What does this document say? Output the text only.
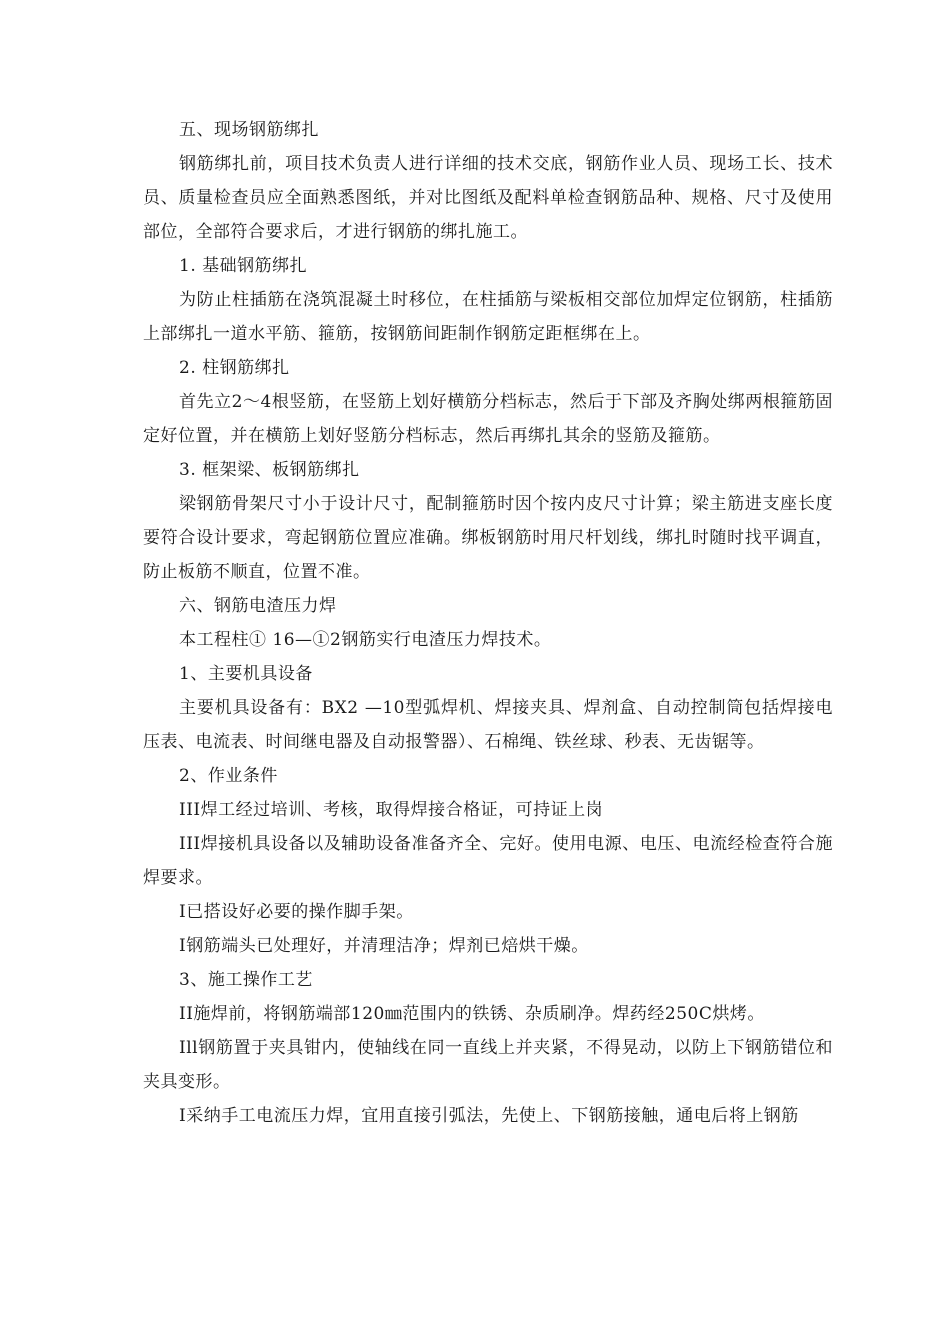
五、现场钢筋绑扎

钢筋绑扎前，项目技术负责人进行详细的技术交底，钢筋作业人员、现场工长、技术员、质量检查员应全面熟悉图纸，并对比图纸及配料单检查钢筋品种、规格、尺寸及使用部位，全部符合要求后，才进行钢筋的绑扎施工。

1. 基础钢筋绑扎

为防止柱插筋在浇筑混凝土时移位，在柱插筋与梁板相交部位加焊定位钢筋，柱插筋上部绑扎一道水平筋、箍筋，按钢筋间距制作钢筋定距框绑在上。

2. 柱钢筋绑扎

首先立2〜4根竖筋，在竖筋上划好横筋分档标志，然后于下部及齐胸处绑两根箍筋固定好位置，并在横筋上划好竖筋分档标志，然后再绑扎其余的竖筋及箍筋。

3. 框架梁、板钢筋绑扎

梁钢筋骨架尺寸小于设计尺寸，配制箍筋时因个按内皮尺寸计算；梁主筋进支座长度要符合设计要求，弯起钢筋位置应准确。绑板钢筋时用尺杆划线，绑扎时随时找平调直，防止板筋不顺直，位置不准。

六、钢筋电渣压力焊

本工程柱① 16—①2钢筋实行电渣压力焊技术。

1、主要机具设备

主要机具设备有：BX2 —10型弧焊机、焊接夹具、焊剂盒、自动控制筒包括焊接电压表、电流表、时间继电器及自动报警器）、石棉绳、铁丝球、秒表、无齿锯等。

2、作业条件

III焊工经过培训、考核，取得焊接合格证，可持证上岗

III焊接机具设备以及辅助设备准备齐全、完好。使用电源、电压、电流经检查符合施焊要求。

I已搭设好必要的操作脚手架。

I钢筋端头已处理好，并清理洁净；焊剂已焙烘干燥。

3、施工操作工艺

II施焊前，将钢筋端部120㎜范围内的铁锈、杂质刷净。焊药经250C烘烤。

Ill钢筋置于夹具钳内，使轴线在同一直线上并夹紧，不得晃动，以防上下钢筋错位和夹具变形。

I采纳手工电流压力焊，宜用直接引弧法，先使上、下钢筋接触，通电后将上钢筋
